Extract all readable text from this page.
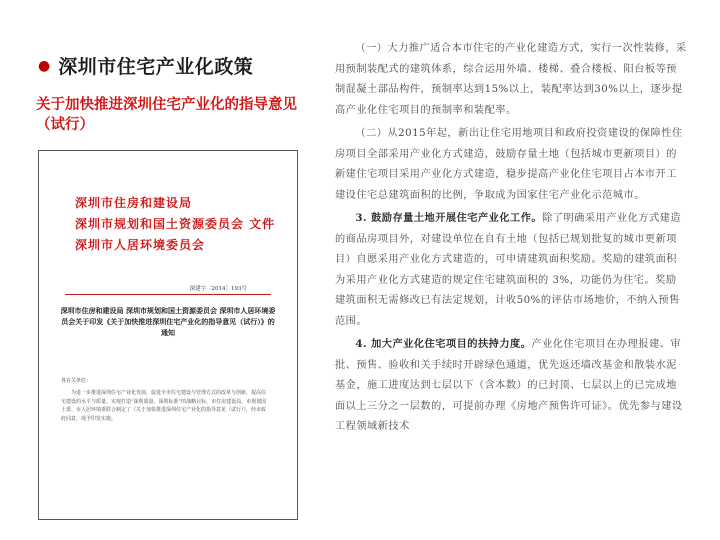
● 深圳市住宅产业化政策
关于加快推进深圳住宅产业化的指导意见（试行）
深圳市住房和建设局
深圳市规划和国土资源委员会 文件
深圳市人居环境委员会
深建字〔2014〕193号
深圳市住房和建设局 深圳市规划和国土资源委员会 深圳市人居环境委员会关于印发《关于加快推进深圳住宅产业化的指导意见（试行）》的通知
各有关单位：
为进一步推进深圳住宅产业化发展，促进全市住宅建设与管理方式的改革与创新，提高住宅建设的水平与质量，实现打造“深圳质量、深圳标准”的战略目标，市住房建设局、市规划国土委、市人居环境委联合制定了《关于加快推进深圳住宅产业化的指导意见（试行）》，经市政府同意，现予印发实施。

（一）大力推广适合本市住宅的产业化建造方式，实行一次性装修，采用预制装配式的建筑体系，综合运用外墙、楼梯、叠合楼板、阳台板等预制混凝土部品构件，预制率达到15%以上，装配率达到30%以上，逐步提高产业化住宅项目的预制率和装配率。

（二）从2015年起，新出让住宅用地项目和政府投资建设的保障性住房项目全部采用产业化方式建造，鼓励存量土地（包括城市更新项目）的新建住宅项目采用产业化方式建造，稳步提高产业化住宅项目占本市开工建设住宅总建筑面积的比例，争取成为国家住宅产业化示范城市。

3. 鼓励存量土地开展住宅产业化工作。除了明确采用产业化方式建造的商品房项目外，对建设单位在自有土地（包括已规划批复的城市更新项目）自愿采用产业化方式建造的，可申请建筑面积奖励。奖励的建筑面积为采用产业化方式建造的规定住宅建筑面积的 3%，功能仍为住宅。奖励建筑面积无需修改已有法定规划，计收50%的评估市场地价，不纳入预售范围。

4. 加大产业化住宅项目的扶持力度。产业化住宅项目在办理报建、审批、预售、验收和关手续时开辟绿色通道，优先返还墙改基金和散装水泥基金，施工进度达到七层以下（含本数）的已封顶、七层以上的已完成地面以上三分之一层数的，可提前办理《房地产预售许可证》。优先参与建设工程领域新技术
